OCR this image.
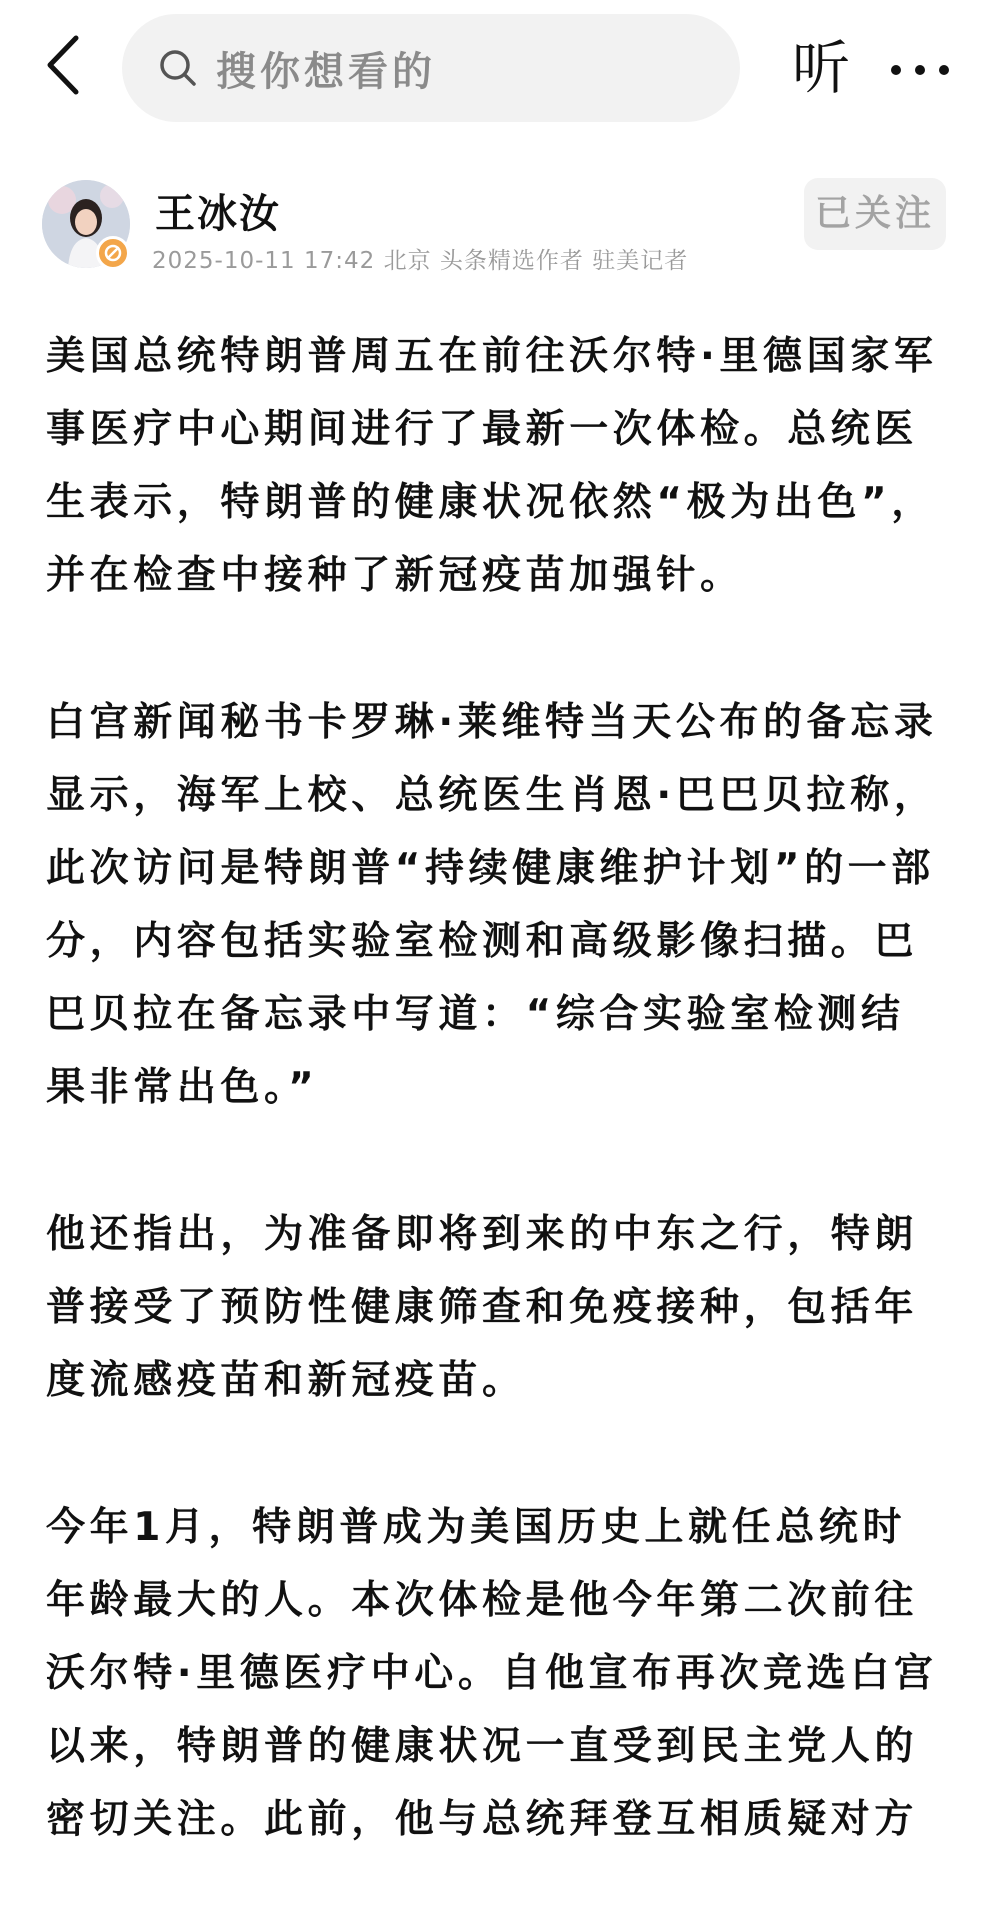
搜你想看的	听
王冰汝
2025-10-11 17:42 北京 头条精选作者 驻美记者
已关注

美国总统特朗普周五在前往沃尔特·里德国家军事医疗中心期间进行了最新一次体检。总统医生表示，特朗普的健康状况依然“极为出色”，并在检查中接种了新冠疫苗加强针。

白宫新闻秘书卡罗琳·莱维特当天公布的备忘录显示，海军上校、总统医生肖恩·巴巴贝拉称，此次访问是特朗普“持续健康维护计划”的一部分，内容包括实验室检测和高级影像扫描。巴巴贝拉在备忘录中写道：“综合实验室检测结果非常出色。”

他还指出，为准备即将到来的中东之行，特朗普接受了预防性健康筛查和免疫接种，包括年度流感疫苗和新冠疫苗。

今年1月，特朗普成为美国历史上就任总统时年龄最大的人。本次体检是他今年第二次前往沃尔特·里德医疗中心。自他宣布再次竞选白宫以来，特朗普的健康状况一直受到民主党人的密切关注。此前，他与总统拜登互相质疑对方
